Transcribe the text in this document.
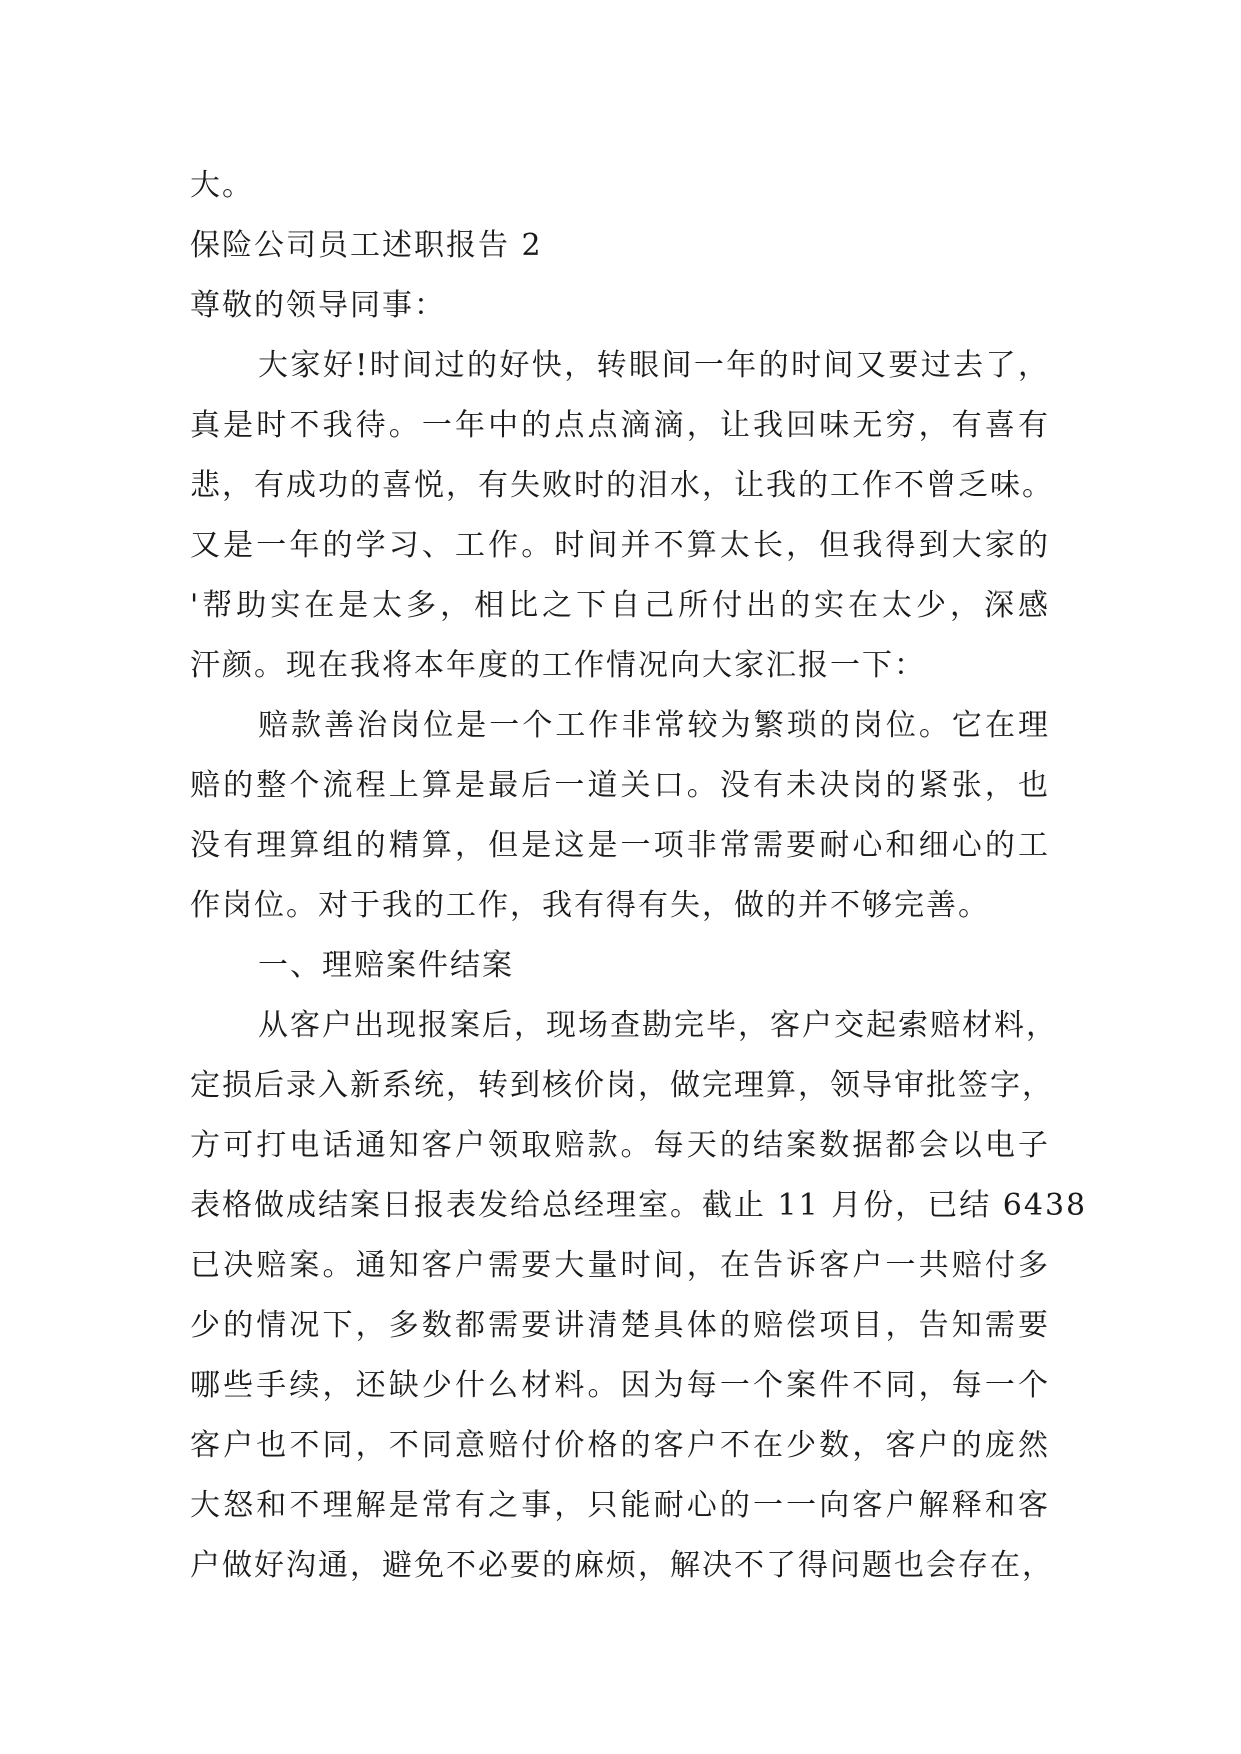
大。
保险公司员工述职报告 2
尊敬的领导同事：
大家好!时间过的好快，转眼间一年的时间又要过去了，
真是时不我待。一年中的点点滴滴，让我回味无穷，有喜有
悲，有成功的喜悦，有失败时的泪水，让我的工作不曾乏味。
又是一年的学习、工作。时间并不算太长，但我得到大家的
'帮助实在是太多，相比之下自己所付出的实在太少，深感
汗颜。现在我将本年度的工作情况向大家汇报一下：
赔款善治岗位是一个工作非常较为繁琐的岗位。它在理
赔的整个流程上算是最后一道关口。没有未决岗的紧张，也
没有理算组的精算，但是这是一项非常需要耐心和细心的工
作岗位。对于我的工作，我有得有失，做的并不够完善。
一、理赔案件结案
从客户出现报案后，现场查勘完毕，客户交起索赔材料，
定损后录入新系统，转到核价岗，做完理算，领导审批签字，
方可打电话通知客户领取赔款。每天的结案数据都会以电子
表格做成结案日报表发给总经理室。截止 11 月份，已结 6438
已决赔案。通知客户需要大量时间，在告诉客户一共赔付多
少的情况下，多数都需要讲清楚具体的赔偿项目，告知需要
哪些手续，还缺少什么材料。因为每一个案件不同，每一个
客户也不同，不同意赔付价格的客户不在少数，客户的庞然
大怒和不理解是常有之事，只能耐心的一一向客户解释和客
户做好沟通，避免不必要的麻烦，解决不了得问题也会存在，
